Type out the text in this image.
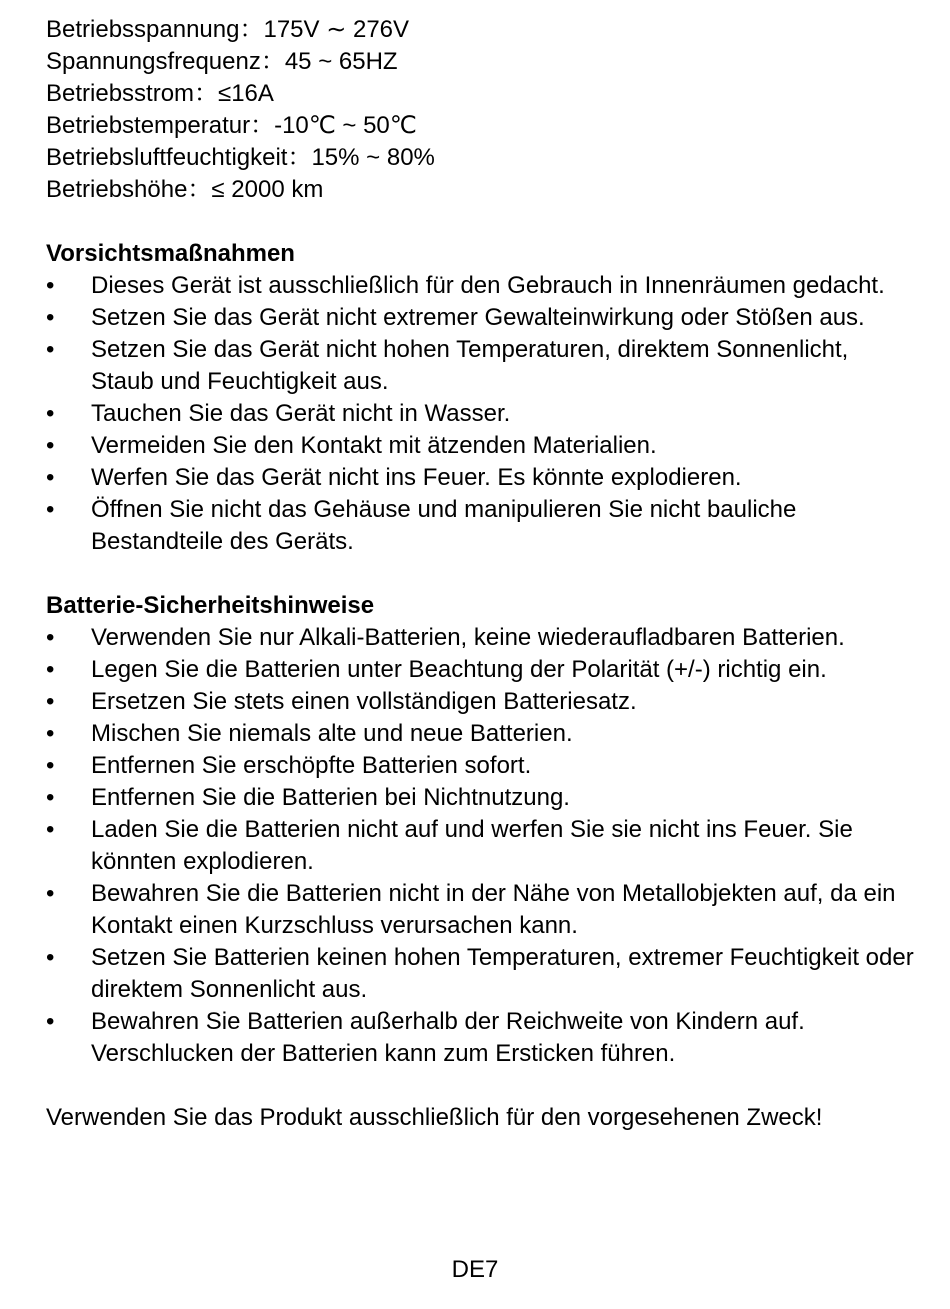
Betriebsspannung：175V ∼ 276V

Spannungsfrequenz：45 ~ 65HZ

Betriebsstrom：≤16A

Betriebstemperatur：-10℃ ~ 50℃

Betriebsluftfeuchtigkeit：15% ~ 80%

Betriebshöhe：≤ 2000 km

Vorsichtsmaßnahmen

•	Dieses Gerät ist ausschließlich für den Gebrauch in Innenräumen gedacht.
•	Setzen Sie das Gerät nicht extremer Gewalteinwirkung oder Stößen aus.
•	Setzen Sie das Gerät nicht hohen Temperaturen, direktem Sonnenlicht, Staub und Feuchtigkeit aus.
•	Tauchen Sie das Gerät nicht in Wasser.
•	Vermeiden Sie den Kontakt mit ätzenden Materialien.
•	Werfen Sie das Gerät nicht ins Feuer. Es könnte explodieren.
•	Öffnen Sie nicht das Gehäuse und manipulieren Sie nicht bauliche Bestandteile des Geräts.

Batterie-Sicherheitshinweise

•	Verwenden Sie nur Alkali-Batterien, keine wiederaufladbaren Batterien.
•	Legen Sie die Batterien unter Beachtung der Polarität (+/-) richtig ein.
•	Ersetzen Sie stets einen vollständigen Batteriesatz.
•	Mischen Sie niemals alte und neue Batterien.
•	Entfernen Sie erschöpfte Batterien sofort.
•	Entfernen Sie die Batterien bei Nichtnutzung.
•	Laden Sie die Batterien nicht auf und werfen Sie sie nicht ins Feuer. Sie könnten explodieren.
•	Bewahren Sie die Batterien nicht in der Nähe von Metallobjekten auf, da ein Kontakt einen Kurzschluss verursachen kann.
•	Setzen Sie Batterien keinen hohen Temperaturen, extremer Feuchtigkeit oder direktem Sonnenlicht aus.
•	Bewahren Sie Batterien außerhalb der Reichweite von Kindern auf. Verschlucken der Batterien kann zum Ersticken führen.

Verwenden Sie das Produkt ausschließlich für den vorgesehenen Zweck!

DE7
